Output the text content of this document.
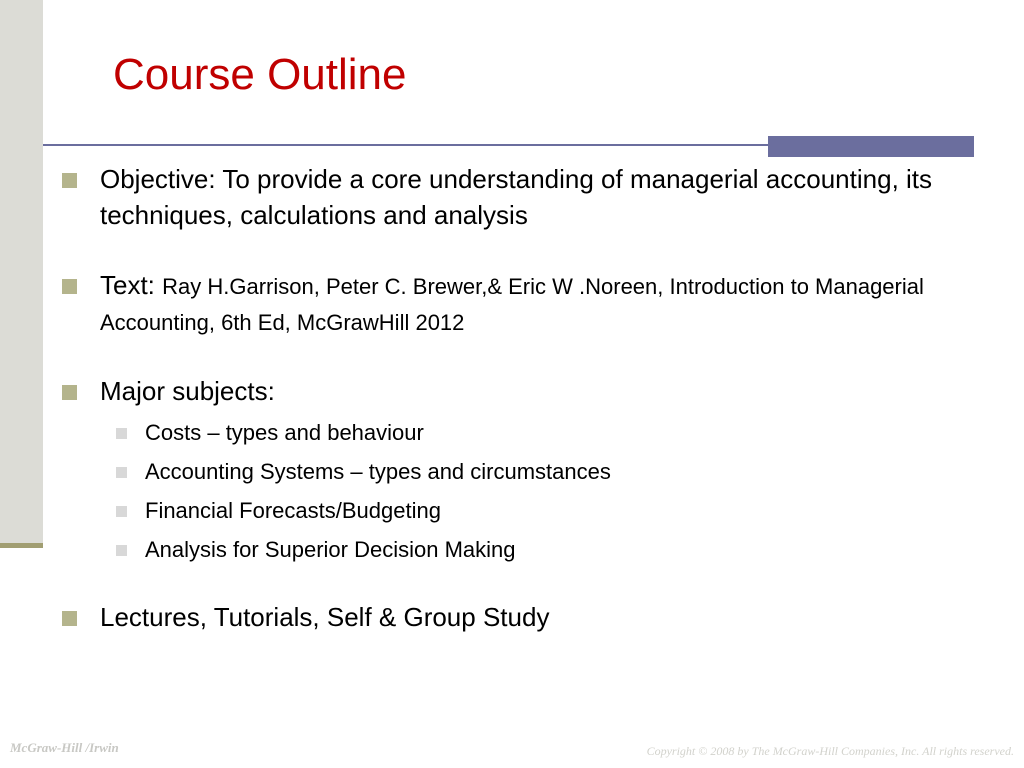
Course Outline
Objective: To provide a core understanding of managerial accounting, its techniques, calculations and analysis
Text: Ray H.Garrison, Peter C. Brewer,& Eric W .Noreen, Introduction to Managerial Accounting, 6th Ed, McGrawHill 2012
Major subjects:
Costs – types and behaviour
Accounting Systems – types and circumstances
Financial Forecasts/Budgeting
Analysis for Superior Decision Making
Lectures, Tutorials, Self & Group Study
McGraw-Hill /Irwin	Copyright © 2008 by The McGraw-Hill Companies, Inc. All rights reserved.
